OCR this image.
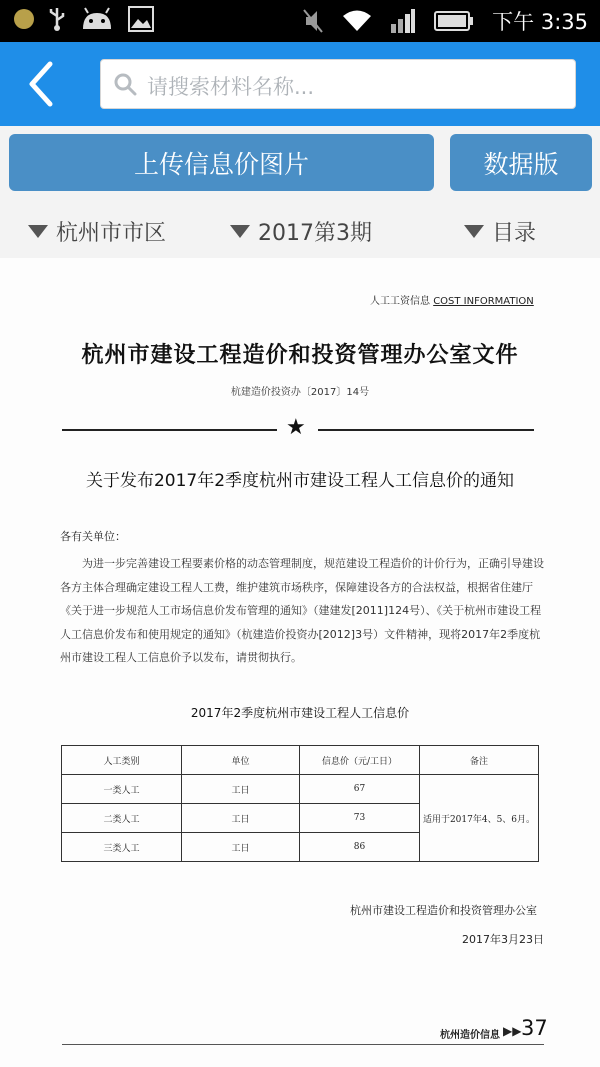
下午 3:35
请搜索材料名称...
上传信息价图片	数据版
杭州市市区	2017第3期	目录
人工工资信息 COST INFORMATION
杭州市建设工程造价和投资管理办公室文件
杭建造价投资办〔2017〕14号
★
关于发布2017年2季度杭州市建设工程人工信息价的通知
各有关单位：
为进一步完善建设工程要素价格的动态管理制度，规范建设工程造价的计价行为，正确引导建设各方主体合理确定建设工程人工费，维护建筑市场秩序，保障建设各方的合法权益，根据省住建厅《关于进一步规范人工市场信息价发布管理的通知》（建建发[2011]124号）、《关于杭州市建设工程人工信息价发布和使用规定的通知》（杭建造价投资办[2012]3号）文件精神，现将2017年2季度杭州市建设工程人工信息价予以发布，请贯彻执行。
2017年2季度杭州市建设工程人工信息价
人工类别	单位	信息价（元/工日）	备注
一类人工	工日	67	适用于2017年4、5、6月。
二类人工	工日	73	
三类人工	工日	86	
杭州市建设工程造价和投资管理办公室
2017年3月23日
杭州造价信息 ▶▶ 37
